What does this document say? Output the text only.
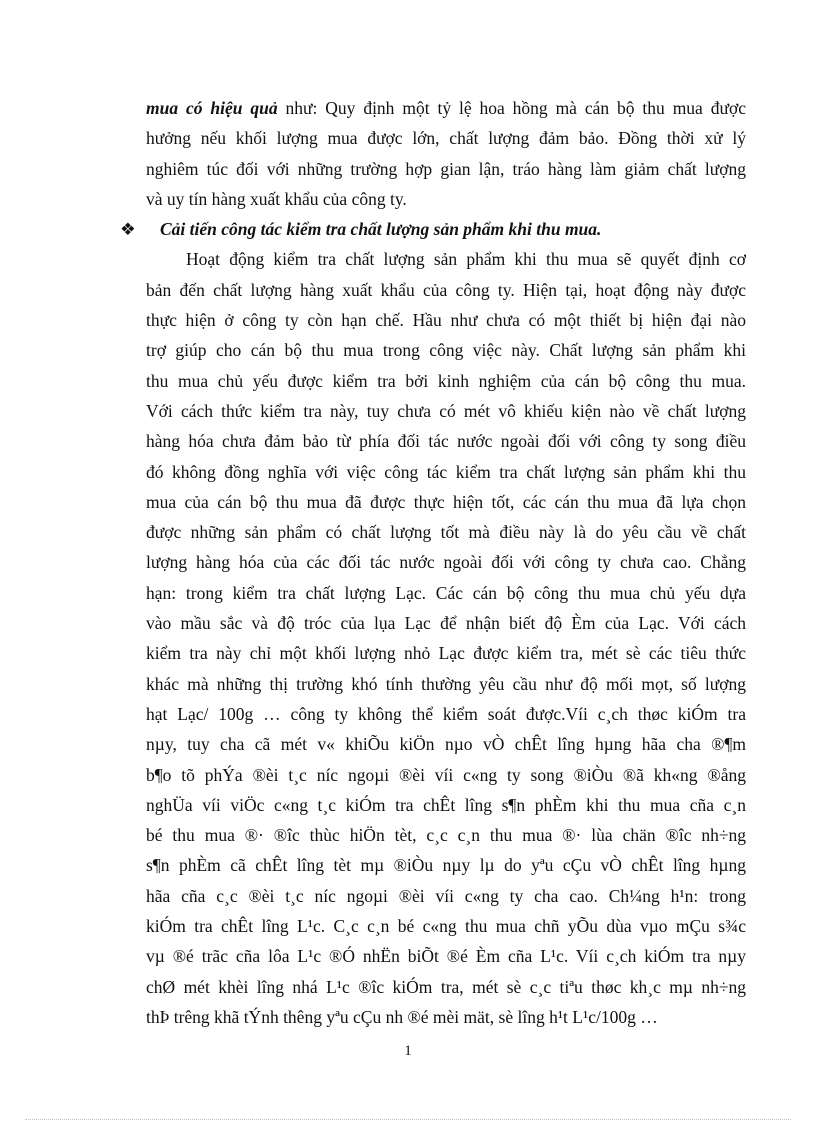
mua có hiệu quả như: Quy định một tỷ lệ hoa hồng mà cán bộ thu mua được
hưởng nếu khối lượng mua được lớn, chất lượng đảm bảo. Đồng thời xử lý
nghiêm túc đối với những trường hợp gian lận, tráo hàng làm giảm chất lượng
và uy tín hàng xuất khẩu của công ty.
❖ Cải tiến công tác kiểm tra chất lượng sản phẩm khi thu mua.
Hoạt động kiểm tra chất lượng sản phẩm khi thu mua sẽ quyết định cơ
bản đến chất lượng hàng xuất khẩu của công ty. Hiện tại, hoạt động này được
thực hiện ở công ty còn hạn chế. Hầu như chưa có một thiết bị hiện đại nào
trợ giúp cho cán bộ thu mua trong công việc này. Chất lượng sản phẩm khi
thu mua chủ yếu được kiểm tra bởi kinh nghiệm của cán bộ công thu mua.
Với cách thức kiểm tra này, tuy chưa có mét vô khiếu kiện nào về chất lượng
hàng hóa chưa đảm bảo từ phía đối tác nước ngoài đối với công ty song điều
đó không đồng nghĩa với việc công tác kiểm tra chất lượng sản phẩm khi thu
mua của cán bộ thu mua đã được thực hiện tốt, các cán thu mua đã lựa chọn
được những sản phẩm có chất lượng tốt mà điều này là do yêu cầu về chất
lượng hàng hóa của các đối tác nước ngoài đối với công ty chưa cao. Chẳng
hạn: trong kiểm tra chất lượng Lạc. Các cán bộ công thu mua chủ yếu dựa
vào mầu sắc và độ tróc của lụa Lạc để nhận biết độ Èm của Lạc. Với cách
kiểm tra này chỉ một khối lượng nhỏ Lạc được kiểm tra, mét sè các tiêu thức
khác mà những thị trường khó tính thường yêu cầu như độ mối mọt, số lượng
hạt Lạc/ 100g … công ty không thể kiểm soát được.Víi c¸ch thøc kiÓm tra
nµy, tuy cha cã mét v« khiÕu kiÖn nµo vÒ chÊt lîng hµng hãa cha ®¶m
b¶o tõ phÝa ®èi t¸c níc ngoµi ®èi víi c«ng ty song ®iÒu ®ã kh«ng ®ång
nghÜa víi viÖc c«ng t¸c kiÓm tra chÊt lîng s¶n phÈm khi thu mua cña c¸n
bé thu mua ®· ®îc thùc hiÖn tèt, c¸c c¸n thu mua ®· lùa chän ®îc nh÷ng
s¶n phÈm cã chÊt lîng tèt mµ ®iÒu nµy lµ do yªu cÇu vÒ chÊt lîng hµng
hãa cña c¸c ®èi t¸c níc ngoµi ®èi víi c«ng ty cha cao. Ch¼ng h¹n: trong
kiÓm tra chÊt lîng L¹c. C¸c c¸n bé c«ng thu mua chñ yÕu dùa vµo mÇu s¾c
vµ ®é trãc cña lôa L¹c ®Ó nhËn biÕt ®é Èm cña L¹c. Víi c¸ch kiÓm tra nµy
chØ mét khèi lîng nhá L¹c ®îc kiÓm tra, mét sè c¸c tiªu thøc kh¸c mµ nh÷ng
thÞ trêng khã tÝnh thêng yªu cÇu nh ®é mèi mät, sè lîng h¹t L¹c/100g …
1
